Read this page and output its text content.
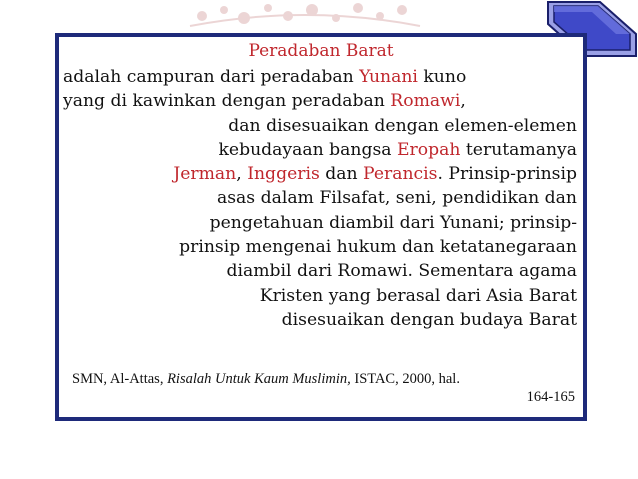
Peradaban Barat
adalah campuran dari peradaban Yunani kuno
yang di kawinkan dengan peradaban Romawi,
dan disesuaikan dengan elemen-elemen
kebudayaan bangsa Eropah terutamanya
Jerman, Inggeris dan Perancis. Prinsip-prinsip
asas dalam Filsafat, seni, pendidikan dan
pengetahuan diambil dari Yunani; prinsip-
prinsip mengenai hukum dan ketatanegaraan
diambil dari Romawi. Sementara agama
Kristen yang berasal dari Asia Barat
disesuaikan dengan budaya Barat
SMN, Al-Attas, Risalah Untuk Kaum Muslimin, ISTAC, 2000, hal.
164-165
